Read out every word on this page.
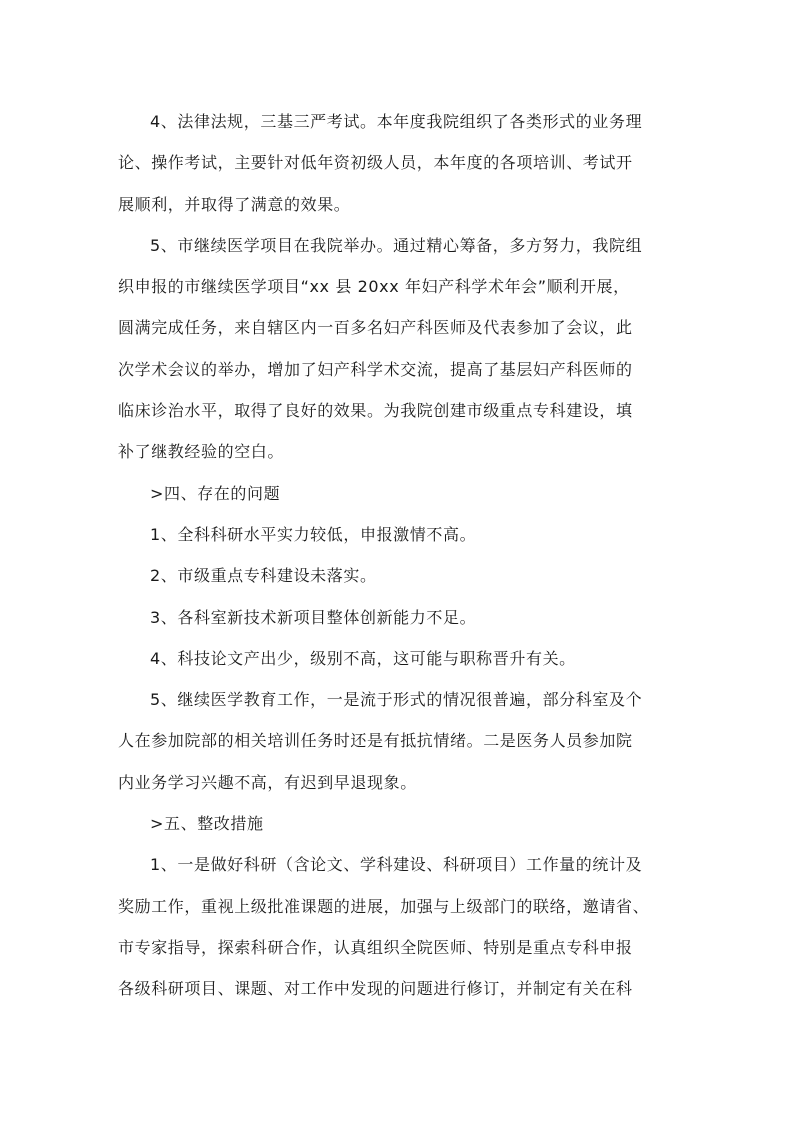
4、法律法规，三基三严考试。本年度我院组织了各类形式的业务理
论、操作考试，主要针对低年资初级人员，本年度的各项培训、考试开
展顺利，并取得了满意的效果。
5、市继续医学项目在我院举办。通过精心筹备，多方努力，我院组
织申报的市继续医学项目“xx 县 20xx 年妇产科学术年会”顺利开展，
圆满完成任务，来自辖区内一百多名妇产科医师及代表参加了会议，此
次学术会议的举办，增加了妇产科学术交流，提高了基层妇产科医师的
临床诊治水平，取得了良好的效果。为我院创建市级重点专科建设，填
补了继教经验的空白。
>四、存在的问题
1、全科科研水平实力较低，申报激情不高。
2、市级重点专科建设未落实。
3、各科室新技术新项目整体创新能力不足。
4、科技论文产出少，级别不高，这可能与职称晋升有关。
5、继续医学教育工作，一是流于形式的情况很普遍，部分科室及个
人在参加院部的相关培训任务时还是有抵抗情绪。二是医务人员参加院
内业务学习兴趣不高，有迟到早退现象。
>五、整改措施
1、一是做好科研（含论文、学科建设、科研项目）工作量的统计及
奖励工作，重视上级批准课题的进展，加强与上级部门的联络，邀请省、
市专家指导，探索科研合作，认真组织全院医师、特别是重点专科申报
各级科研项目、课题、对工作中发现的问题进行修订，并制定有关在科
